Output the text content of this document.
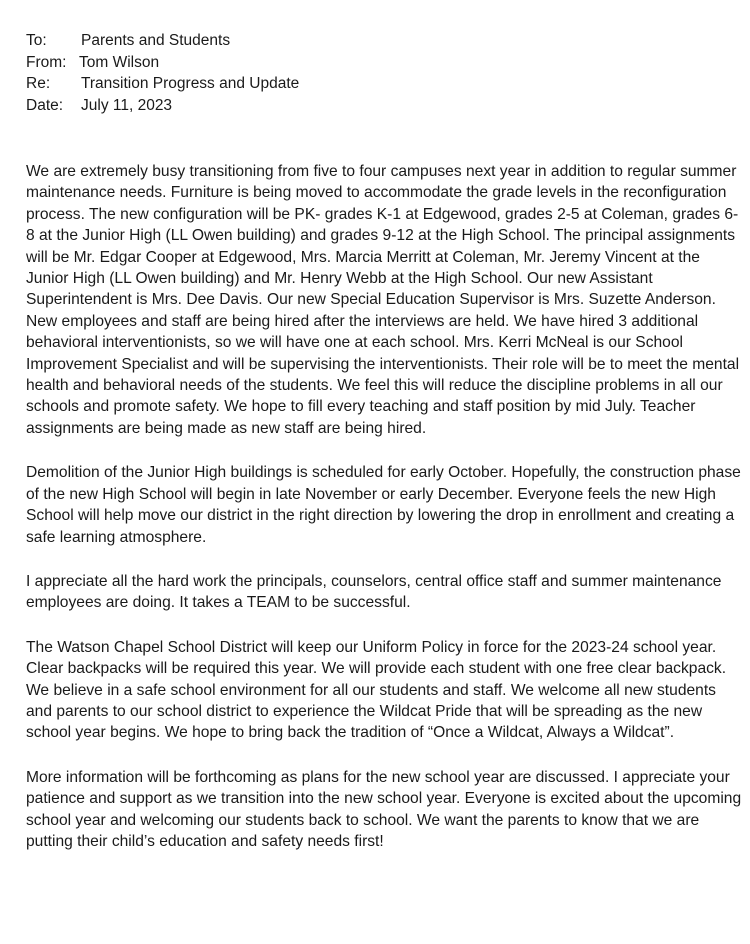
To:	Parents and Students
From: Tom Wilson
Re:	Transition Progress and Update
Date:	July 11, 2023

We are extremely busy transitioning from five to four campuses next year in addition to regular summer maintenance needs. Furniture is being moved to accommodate the grade levels in the reconfiguration process. The new configuration will be PK- grades K-1 at Edgewood, grades 2-5 at Coleman, grades 6-8 at the Junior High (LL Owen building) and grades 9-12 at the High School. The principal assignments will be Mr. Edgar Cooper at Edgewood, Mrs. Marcia Merritt at Coleman, Mr. Jeremy Vincent at the Junior High (LL Owen building) and Mr. Henry Webb at the High School. Our new Assistant Superintendent is Mrs. Dee Davis. Our new Special Education Supervisor is Mrs. Suzette Anderson. New employees and staff are being hired after the interviews are held. We have hired 3 additional behavioral interventionists, so we will have one at each school. Mrs. Kerri McNeal is our School Improvement Specialist and will be supervising the interventionists. Their role will be to meet the mental health and behavioral needs of the students. We feel this will reduce the discipline problems in all our schools and promote safety. We hope to fill every teaching and staff position by mid July. Teacher assignments are being made as new staff are being hired.

Demolition of the Junior High buildings is scheduled for early October. Hopefully, the construction phase of the new High School will begin in late November or early December. Everyone feels the new High School will help move our district in the right direction by lowering the drop in enrollment and creating a safe learning atmosphere.

I appreciate all the hard work the principals, counselors, central office staff and summer maintenance employees are doing. It takes a TEAM to be successful.

The Watson Chapel School District will keep our Uniform Policy in force for the 2023-24 school year. Clear backpacks will be required this year. We will provide each student with one free clear backpack. We believe in a safe school environment for all our students and staff. We welcome all new students and parents to our school district to experience the Wildcat Pride that will be spreading as the new school year begins. We hope to bring back the tradition of “Once a Wildcat, Always a Wildcat”.

More information will be forthcoming as plans for the new school year are discussed. I appreciate your patience and support as we transition into the new school year. Everyone is excited about the upcoming school year and welcoming our students back to school. We want the parents to know that we are putting their child’s education and safety needs first!
